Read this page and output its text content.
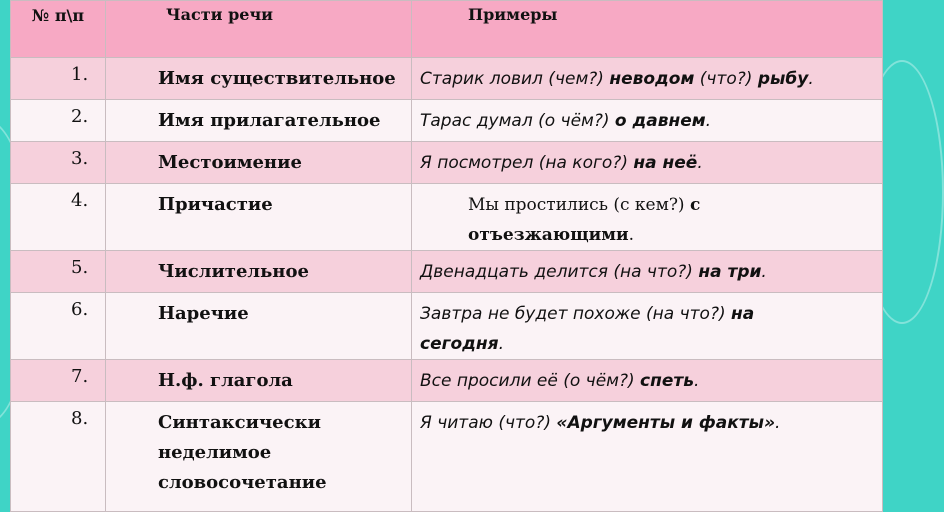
№ п\п	Части речи	Примеры
1.	Имя существительное	Старик ловил (чем?) неводом (что?) рыбу.
2.	Имя прилагательное	Тарас думал (о чём?) о давнем.
3.	Местоимение	Я посмотрел (на кого?) на неё.
4.	Причастие	Мы простились (с кем?) с
отъезжающими.
5.	Числительное	Двенадцать делится (на что?) на три.
6.	Наречие	Завтра не будет похоже (на что?) на
сегодня.
7.	Н.ф. глагола	Все просили её (о чём?) спеть.
8.	Синтаксически
неделимое
словосочетание	Я читаю (что?) «Аргументы и факты».
